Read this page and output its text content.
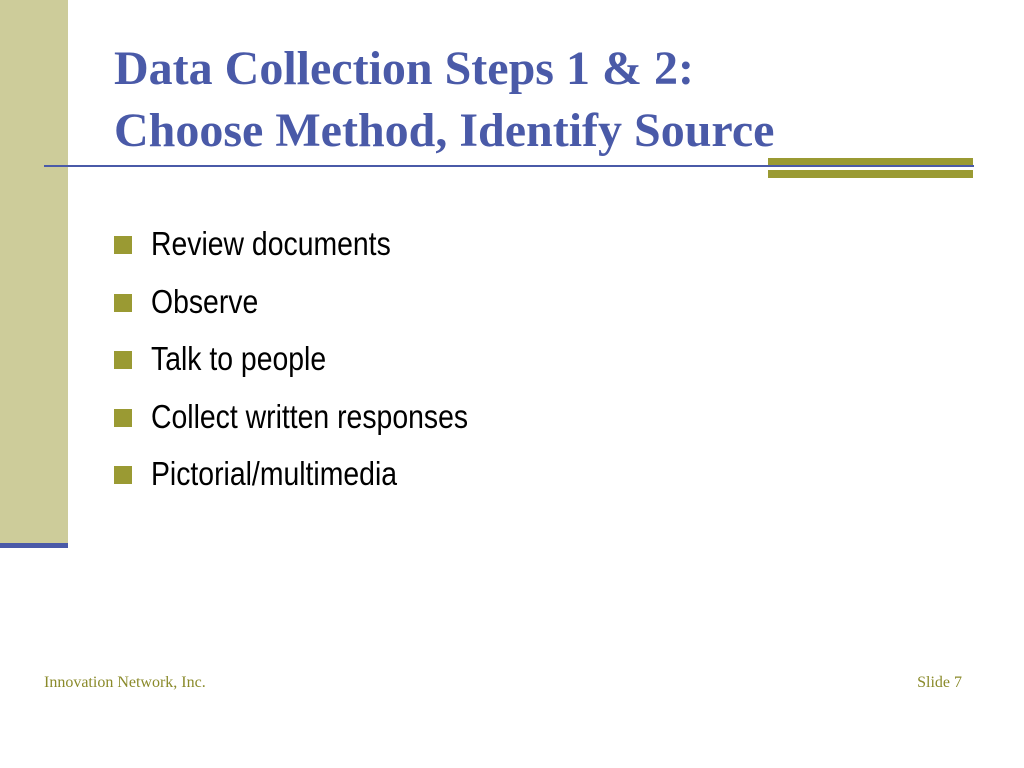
Data Collection Steps 1 & 2:
Choose Method, Identify Source
Review documents
Observe
Talk to people
Collect written responses
Pictorial/multimedia
Innovation Network, Inc.	Slide 7
